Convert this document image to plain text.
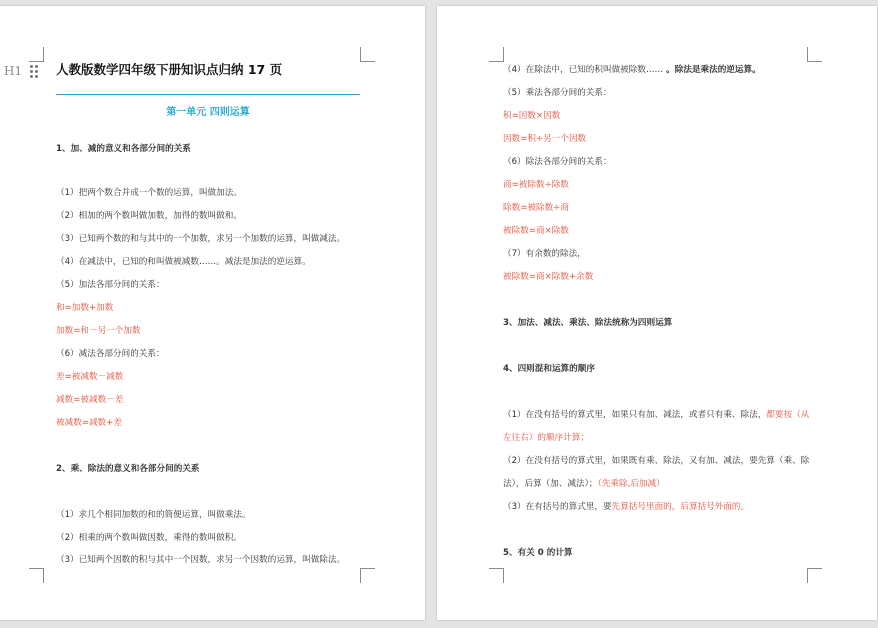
H1	人教版数学四年级下册知识点归纳 17 页
第一单元 四则运算
1、加、减的意义和各部分间的关系
（1）把两个数合并成一个数的运算，叫做加法。
（2）相加的两个数叫做加数，加得的数叫做和。
（3）已知两个数的和与其中的一个加数，求另一个加数的运算，叫做减法。
（4）在减法中，已知的和叫做被减数……。减法是加法的逆运算。
（5）加法各部分间的关系：
和=加数+加数
加数=和－另一个加数
（6）减法各部分间的关系：
差=被减数－减数
减数=被减数－差
被减数=减数+差
2、乘、除法的意义和各部分间的关系
（1）求几个相同加数的和的简便运算，叫做乘法。
（2）相乘的两个数叫做因数，乘得的数叫做积。
（3）已知两个因数的积与其中一个因数，求另一个因数的运算，叫做除法。
（4）在除法中，已知的积叫做被除数…… 。除法是乘法的逆运算。
（5）乘法各部分间的关系：
积=因数×因数
因数=积÷另一个因数
（6）除法各部分间的关系：
商=被除数÷除数
除数=被除数÷商
被除数=商×除数
（7）有余数的除法，
被除数=商×除数+余数
3、加法、减法、乘法、除法统称为四则运算
4、四则混和运算的顺序
（1）在没有括号的算式里，如果只有加、减法，或者只有乘、除法，都要按（从
左往右）的顺序计算；
（2）在没有括号的算式里，如果既有乘、除法，又有加、减法，要先算（乘、除
法），后算（加、减法）；（先乘除,后加减）
（3）在有括号的算式里，要先算括号里面的，后算括号外面的。
5、有关 0 的计算
